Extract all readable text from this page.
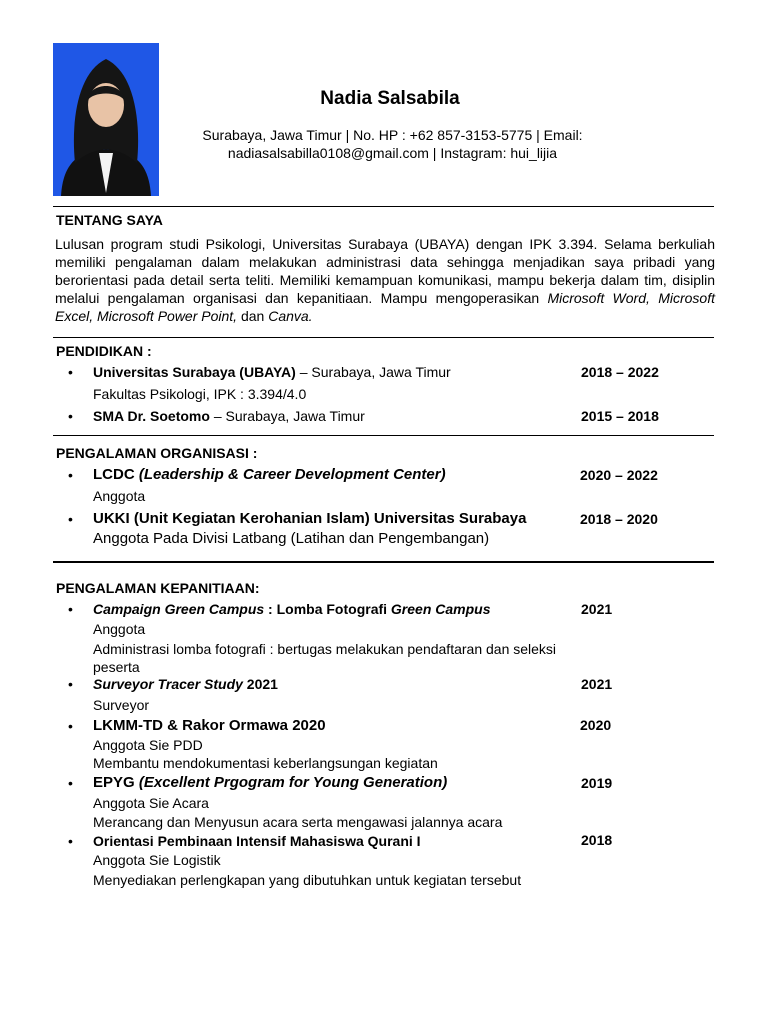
Nadia Salsabila
Surabaya, Jawa Timur | No. HP : +62 857-3153-5775 | Email:
nadiasalsabilla0108@gmail.com | Instagram: hui_lijia
TENTANG SAYA
Lulusan program studi Psikologi, Universitas Surabaya (UBAYA) dengan IPK 3.394. Selama berkuliah memiliki pengalaman dalam melakukan administrasi data sehingga menjadikan saya pribadi yang berorientasi pada detail serta teliti. Memiliki kemampuan komunikasi, mampu bekerja dalam tim, disiplin melalui pengalaman organisasi dan kepanitiaan. Mampu mengoperasikan Microsoft Word, Microsoft Excel, Microsoft Power Point, dan Canva.
PENDIDIKAN :
• Universitas Surabaya (UBAYA) – Surabaya, Jawa Timur	2018 – 2022
Fakultas Psikologi, IPK : 3.394/4.0
• SMA Dr. Soetomo – Surabaya, Jawa Timur	2015 – 2018
PENGALAMAN ORGANISASI :
• LCDC (Leadership & Career Development Center)	2020 – 2022
Anggota
• UKKI (Unit Kegiatan Kerohanian Islam) Universitas Surabaya	2018 – 2020
Anggota Pada Divisi Latbang (Latihan dan Pengembangan)
PENGALAMAN KEPANITIAAN:
• Campaign Green Campus : Lomba Fotografi Green Campus	2021
Anggota
Administrasi lomba fotografi : bertugas melakukan pendaftaran dan seleksi peserta
• Surveyor Tracer Study 2021	2021
Surveyor
• LKMM-TD & Rakor Ormawa 2020	2020
Anggota Sie PDD
Membantu mendokumentasi keberlangsungan kegiatan
• EPYG (Excellent Prgogram for Young Generation)	2019
Anggota Sie Acara
Merancang dan Menyusun acara serta mengawasi jalannya acara
• Orientasi Pembinaan Intensif Mahasiswa Qurani I	2018
Anggota Sie Logistik
Menyediakan perlengkapan yang dibutuhkan untuk kegiatan tersebut
